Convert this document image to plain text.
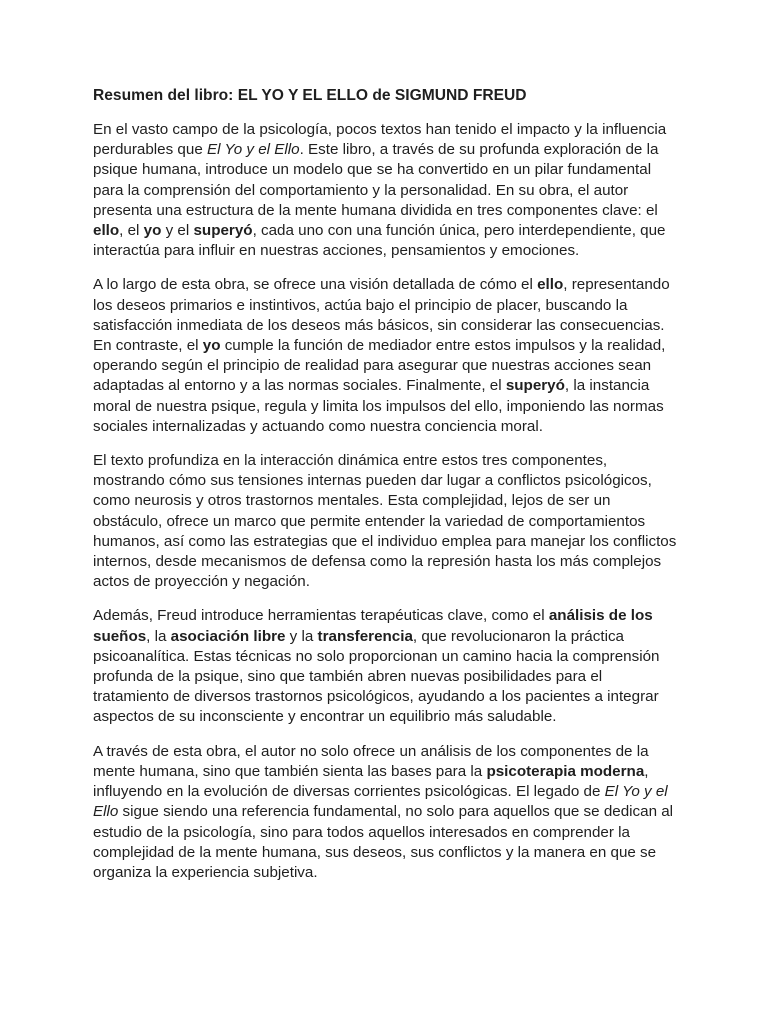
Resumen del libro: EL YO Y EL ELLO de SIGMUND FREUD

En el vasto campo de la psicología, pocos textos han tenido el impacto y la influencia perdurables que El Yo y el Ello. Este libro, a través de su profunda exploración de la psique humana, introduce un modelo que se ha convertido en un pilar fundamental para la comprensión del comportamiento y la personalidad. En su obra, el autor presenta una estructura de la mente humana dividida en tres componentes clave: el ello, el yo y el superyó, cada uno con una función única, pero interdependiente, que interactúa para influir en nuestras acciones, pensamientos y emociones.

A lo largo de esta obra, se ofrece una visión detallada de cómo el ello, representando los deseos primarios e instintivos, actúa bajo el principio de placer, buscando la satisfacción inmediata de los deseos más básicos, sin considerar las consecuencias. En contraste, el yo cumple la función de mediador entre estos impulsos y la realidad, operando según el principio de realidad para asegurar que nuestras acciones sean adaptadas al entorno y a las normas sociales. Finalmente, el superyó, la instancia moral de nuestra psique, regula y limita los impulsos del ello, imponiendo las normas sociales internalizadas y actuando como nuestra conciencia moral.

El texto profundiza en la interacción dinámica entre estos tres componentes, mostrando cómo sus tensiones internas pueden dar lugar a conflictos psicológicos, como neurosis y otros trastornos mentales. Esta complejidad, lejos de ser un obstáculo, ofrece un marco que permite entender la variedad de comportamientos humanos, así como las estrategias que el individuo emplea para manejar los conflictos internos, desde mecanismos de defensa como la represión hasta los más complejos actos de proyección y negación.

Además, Freud introduce herramientas terapéuticas clave, como el análisis de los sueños, la asociación libre y la transferencia, que revolucionaron la práctica psicoanalítica. Estas técnicas no solo proporcionan un camino hacia la comprensión profunda de la psique, sino que también abren nuevas posibilidades para el tratamiento de diversos trastornos psicológicos, ayudando a los pacientes a integrar aspectos de su inconsciente y encontrar un equilibrio más saludable.

A través de esta obra, el autor no solo ofrece un análisis de los componentes de la mente humana, sino que también sienta las bases para la psicoterapia moderna, influyendo en la evolución de diversas corrientes psicológicas. El legado de El Yo y el Ello sigue siendo una referencia fundamental, no solo para aquellos que se dedican al estudio de la psicología, sino para todos aquellos interesados en comprender la complejidad de la mente humana, sus deseos, sus conflictos y la manera en que se organiza la experiencia subjetiva.
